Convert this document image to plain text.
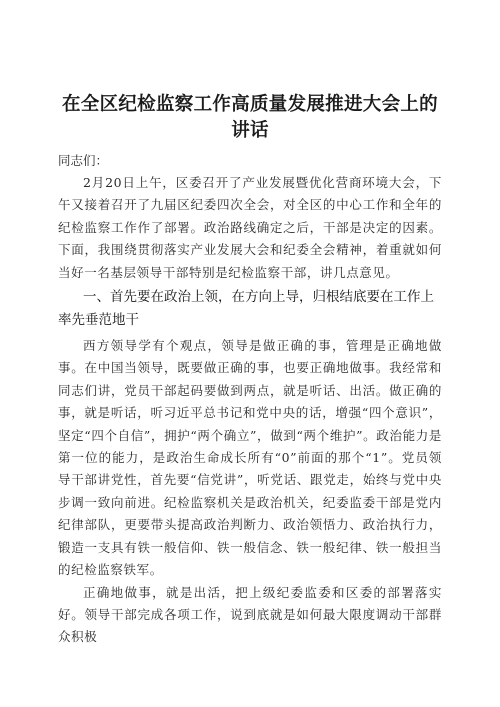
在全区纪检监察工作高质量发展推进大会上的讲话
同志们：

2月20日上午，区委召开了产业发展暨优化营商环境大会，下午又接着召开了九届区纪委四次全会，对全区的中心工作和全年的纪检监察工作作了部署。政治路线确定之后，干部是决定的因素。下面，我围绕贯彻落实产业发展大会和纪委全会精神，着重就如何当好一名基层领导干部特别是纪检监察干部，讲几点意见。

一、首先要在政治上领，在方向上导，归根结底要在工作上率先垂范地干

西方领导学有个观点，领导是做正确的事，管理是正确地做事。在中国当领导，既要做正确的事，也要正确地做事。我经常和同志们讲，党员干部起码要做到两点，就是听话、出活。做正确的事，就是听话，听习近平总书记和党中央的话，增强“四个意识”，坚定“四个自信”，拥护“两个确立”，做到“两个维护”。政治能力是第一位的能力，是政治生命成长所有“0”前面的那个“1”。党员领导干部讲党性，首先要“信党讲”，听党话、跟党走，始终与党中央步调一致向前进。纪检监察机关是政治机关，纪委监委干部是党内纪律部队，更要带头提高政治判断力、政治领悟力、政治执行力，锻造一支具有铁一般信仰、铁一般信念、铁一般纪律、铁一般担当的纪检监察铁军。

正确地做事，就是出活，把上级纪委监委和区委的部署落实好。领导干部完成各项工作，说到底就是如何最大限度调动干部群众积极
